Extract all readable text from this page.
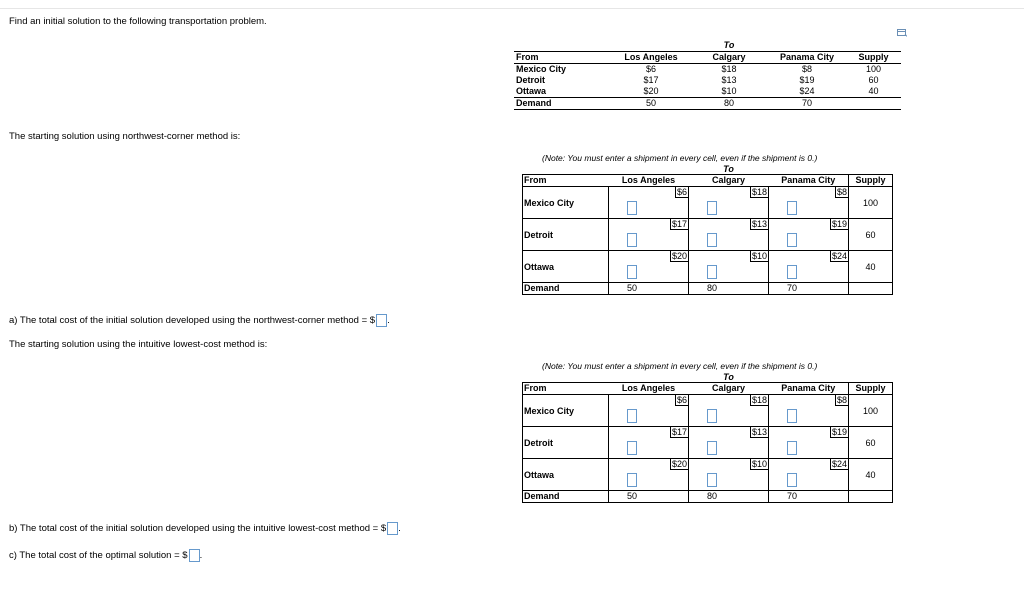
Find an initial solution to the following transportation problem.
		To		
From	Los Angeles	Calgary	Panama City	Supply
Mexico City	$6	$18	$8	100
Detroit	$17	$13	$19	60
Ottawa	$20	$10	$24	40
Demand	50	80	70	
The starting solution using northwest-corner method is:
(Note: You must enter a shipment in every cell, even if the shipment is 0.)
		To		
From	Los Angeles	Calgary	Panama City	Supply
Mexico City	$6	$18	$8	100
Detroit	$17	$13	$19	60
Ottawa	$20	$10	$24	40
Demand	50	80	70	
a) The total cost of the initial solution developed using the northwest-corner method = $ .
The starting solution using the intuitive lowest-cost method is:
(Note: You must enter a shipment in every cell, even if the shipment is 0.)
		To		
From	Los Angeles	Calgary	Panama City	Supply
Mexico City	$6	$18	$8	100
Detroit	$17	$13	$19	60
Ottawa	$20	$10	$24	40
Demand	50	80	70	
b) The total cost of the initial solution developed using the intuitive lowest-cost method = $ .
c) The total cost of the optimal solution = $ .
